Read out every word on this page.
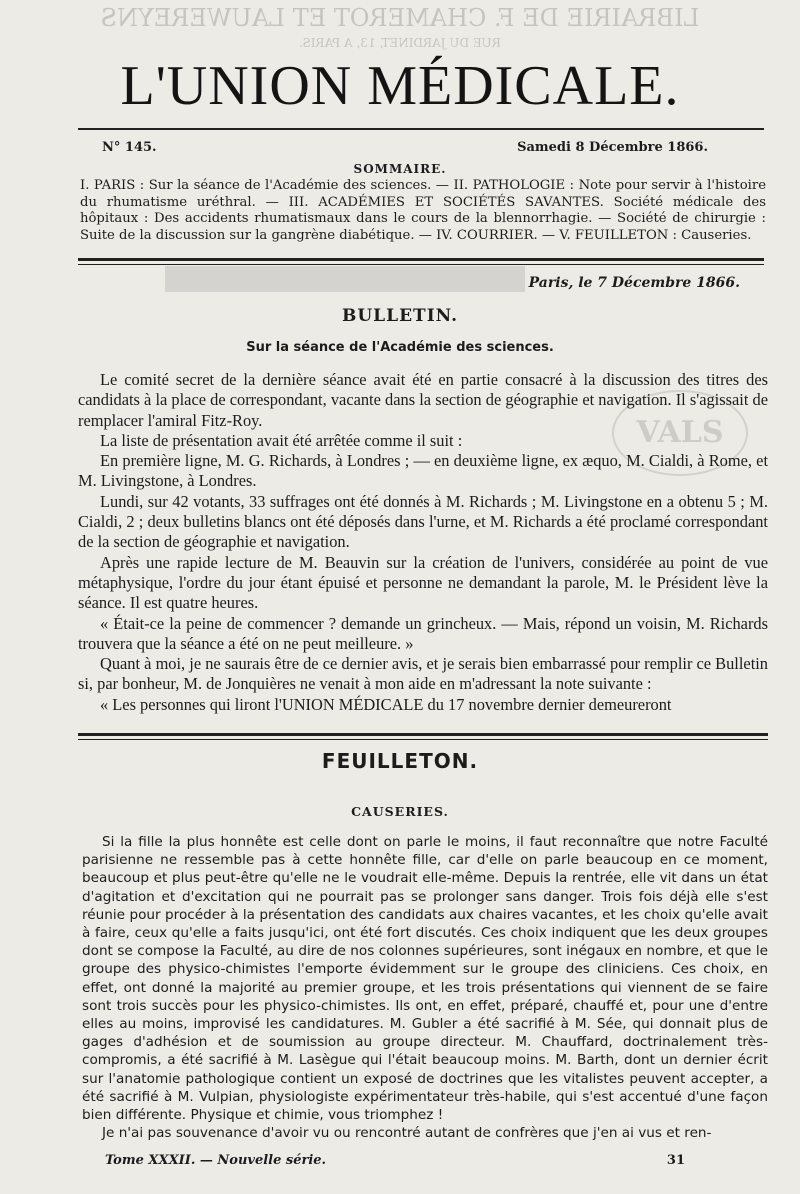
LIBRAIRIE DE F. CHAMEROT ET LAUWEREYNS
RUE DU JARDINET, 13, A PARIS.
VALS
L'UNION MÉDICALE.
N° 145.	Samedi 8 Décembre 1866.
SOMMAIRE.
I. PARIS : Sur la séance de l'Académie des sciences. — II. PATHOLOGIE : Note pour servir à l'histoire du rhumatisme uréthral. — III. ACADÉMIES ET SOCIÉTÉS SAVANTES. Société médicale des hôpitaux : Des accidents rhumatismaux dans le cours de la blennorrhagie. — Société de chirurgie : Suite de la discussion sur la gangrène diabétique. — IV. COURRIER. — V. FEUILLETON : Causeries.
Paris, le 7 Décembre 1866.
BULLETIN.
Sur la séance de l'Académie des sciences.

Le comité secret de la dernière séance avait été en partie consacré à la discussion des titres des candidats à la place de correspondant, vacante dans la section de géographie et navigation. Il s'agissait de remplacer l'amiral Fitz-Roy.

La liste de présentation avait été arrêtée comme il suit :

En première ligne, M. G. Richards, à Londres ; — en deuxième ligne, ex æquo, M. Cialdi, à Rome, et M. Livingstone, à Londres.

Lundi, sur 42 votants, 33 suffrages ont été donnés à M. Richards ; M. Livingstone en a obtenu 5 ; M. Cialdi, 2 ; deux bulletins blancs ont été déposés dans l'urne, et M. Richards a été proclamé correspondant de la section de géographie et navigation.

Après une rapide lecture de M. Beauvin sur la création de l'univers, considérée au point de vue métaphysique, l'ordre du jour étant épuisé et personne ne demandant la parole, M. le Président lève la séance. Il est quatre heures.

« Était-ce la peine de commencer ? demande un grincheux. — Mais, répond un voisin, M. Richards trouvera que la séance a été on ne peut meilleure. »

Quant à moi, je ne saurais être de ce dernier avis, et je serais bien embarrassé pour remplir ce Bulletin si, par bonheur, M. de Jonquières ne venait à mon aide en m'adressant la note suivante :

« Les personnes qui liront l'UNION MÉDICALE du 17 novembre dernier demeureront

FEUILLETON.
CAUSERIES.

Si la fille la plus honnête est celle dont on parle le moins, il faut reconnaître que notre Faculté parisienne ne ressemble pas à cette honnête fille, car d'elle on parle beaucoup en ce moment, beaucoup et plus peut-être qu'elle ne le voudrait elle-même. Depuis la rentrée, elle vit dans un état d'agitation et d'excitation qui ne pourrait pas se prolonger sans danger. Trois fois déjà elle s'est réunie pour procéder à la présentation des candidats aux chaires vacantes, et les choix qu'elle avait à faire, ceux qu'elle a faits jusqu'ici, ont été fort discutés. Ces choix indiquent que les deux groupes dont se compose la Faculté, au dire de nos colonnes supérieures, sont inégaux en nombre, et que le groupe des physico-chimistes l'emporte évidemment sur le groupe des cliniciens. Ces choix, en effet, ont donné la majorité au premier groupe, et les trois présentations qui viennent de se faire sont trois succès pour les physico-chimistes. Ils ont, en effet, préparé, chauffé et, pour une d'entre elles au moins, improvisé les candidatures. M. Gubler a été sacrifié à M. Sée, qui donnait plus de gages d'adhésion et de soumission au groupe directeur. M. Chauffard, doctrinalement très-compromis, a été sacrifié à M. Lasègue qui l'était beaucoup moins. M. Barth, dont un dernier écrit sur l'anatomie pathologique contient un exposé de doctrines que les vitalistes peuvent accepter, a été sacrifié à M. Vulpian, physiologiste expérimentateur très-habile, qui s'est accentué d'une façon bien différente. Physique et chimie, vous triomphez !

Je n'ai pas souvenance d'avoir vu ou rencontré autant de confrères que j'en ai vus et ren-

Tome XXXII. — Nouvelle série.	31
